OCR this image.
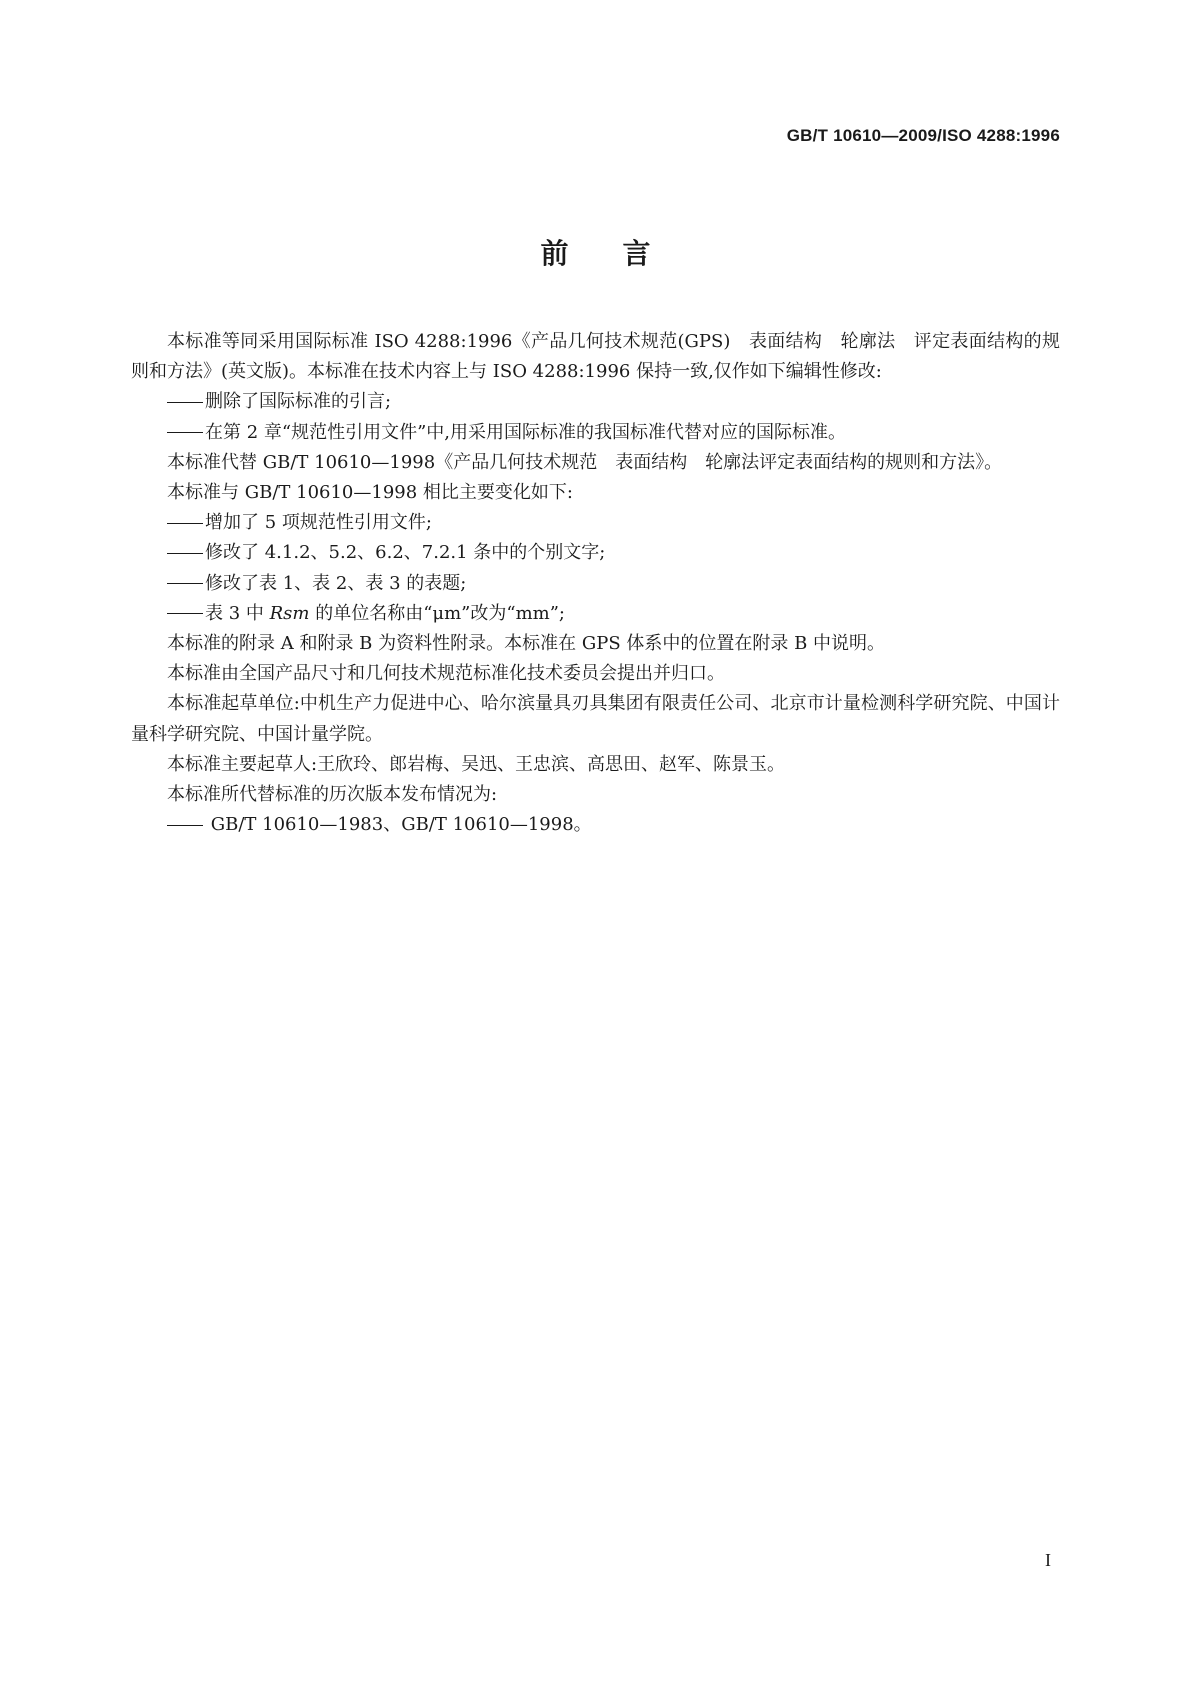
GB/T 10610—2009/ISO 4288:1996
前言

本标准等同采用国际标准 ISO 4288:1996《产品几何技术规范(GPS)　表面结构　轮廓法　评定表面结构的规则和方法》(英文版)。本标准在技术内容上与 ISO 4288:1996 保持一致,仅作如下编辑性修改:

删除了国际标准的引言;

在第 2 章“规范性引用文件”中,用采用国际标准的我国标准代替对应的国际标准。

本标准代替 GB/T 10610—1998《产品几何技术规范　表面结构　轮廓法评定表面结构的规则和方法》。

本标准与 GB/T 10610—1998 相比主要变化如下:

增加了 5 项规范性引用文件;

修改了 4.1.2、5.2、6.2、7.2.1 条中的个别文字;

修改了表 1、表 2、表 3 的表题;

表 3 中 Rsm 的单位名称由“μm”改为“mm”;

本标准的附录 A 和附录 B 为资料性附录。本标准在 GPS 体系中的位置在附录 B 中说明。

本标准由全国产品尺寸和几何技术规范标准化技术委员会提出并归口。

本标准起草单位:中机生产力促进中心、哈尔滨量具刃具集团有限责任公司、北京市计量检测科学研究院、中国计量科学研究院、中国计量学院。

本标准主要起草人:王欣玲、郎岩梅、吴迅、王忠滨、高思田、赵军、陈景玉。

本标准所代替标准的历次版本发布情况为:

GB/T 10610—1983、GB/T 10610—1998。

I
